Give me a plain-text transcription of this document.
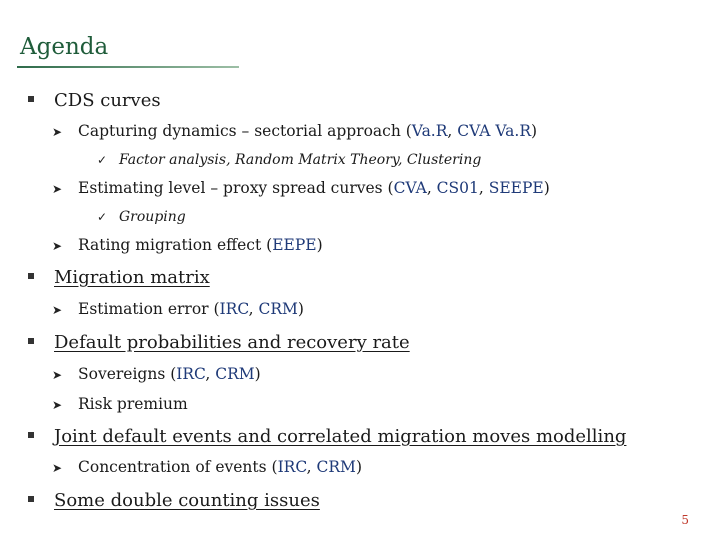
Agenda
CDS curves
➤ Capturing dynamics – sectorial approach (Va.R, CVA Va.R)
✓ Factor analysis, Random Matrix Theory, Clustering
➤ Estimating level – proxy spread curves (CVA, CS01, SEEPE)
✓ Grouping
➤ Rating migration effect (EEPE)
Migration matrix
➤ Estimation error (IRC, CRM)
Default probabilities and recovery rate
➤ Sovereigns (IRC, CRM)
➤ Risk premium
Joint default events and correlated migration moves modelling
➤ Concentration of events (IRC, CRM)
Some double counting issues
5
